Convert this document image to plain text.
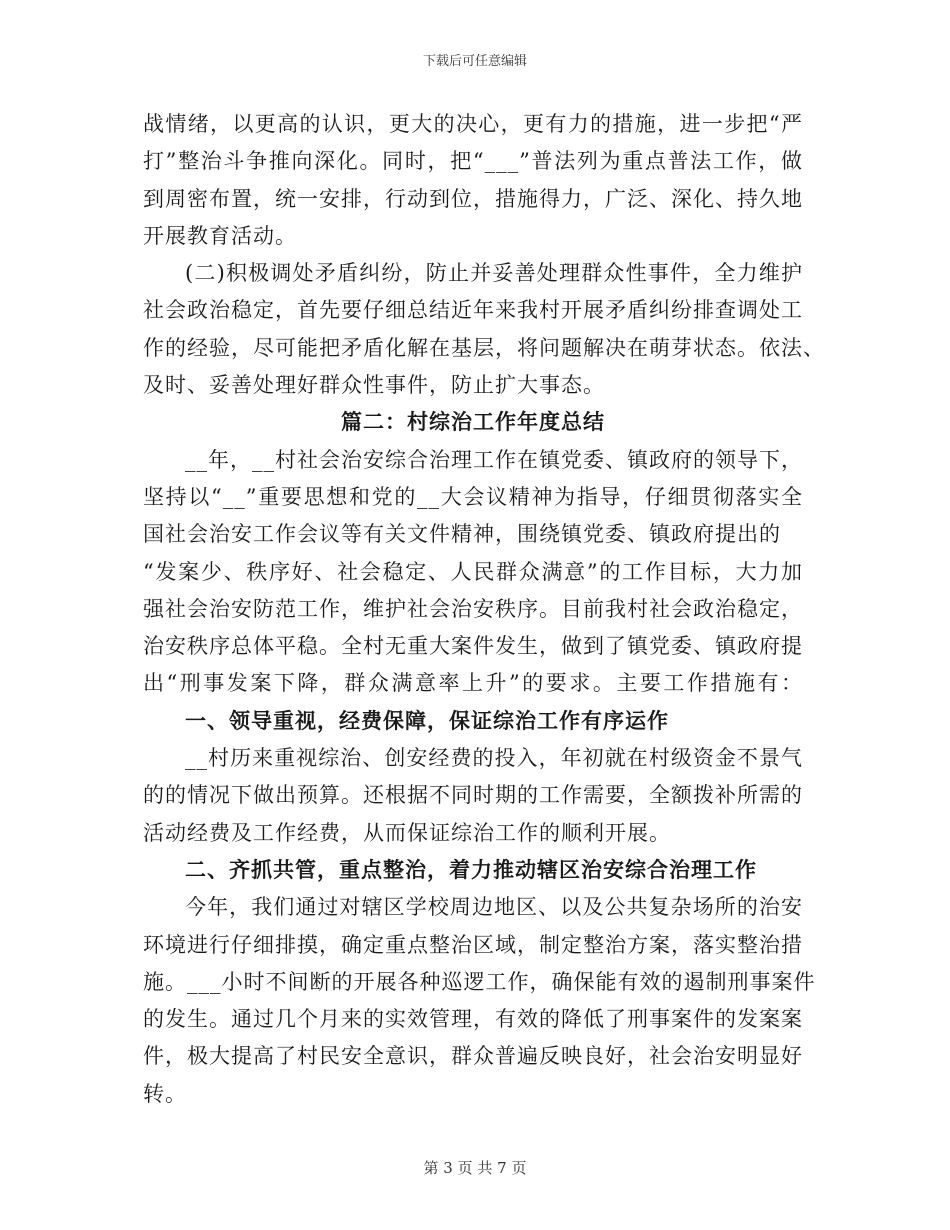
下载后可任意编辑
战情绪，以更高的认识，更大的决心，更有力的措施，进一步把“严
打”整治斗争推向深化。同时，把“___”普法列为重点普法工作，做
到周密布置，统一安排，行动到位，措施得力，广泛、深化、持久地
开展教育活动。
(二)积极调处矛盾纠纷，防止并妥善处理群众性事件，全力维护
社会政治稳定，首先要仔细总结近年来我村开展矛盾纠纷排查调处工
作的经验，尽可能把矛盾化解在基层，将问题解决在萌芽状态。依法、
及时、妥善处理好群众性事件，防止扩大事态。
篇二：村综治工作年度总结
__年，__村社会治安综合治理工作在镇党委、镇政府的领导下，
坚持以“__”重要思想和党的__大会议精神为指导，仔细贯彻落实全
国社会治安工作会议等有关文件精神，围绕镇党委、镇政府提出的
“发案少、秩序好、社会稳定、人民群众满意”的工作目标，大力加
强社会治安防范工作，维护社会治安秩序。目前我村社会政治稳定，
治安秩序总体平稳。全村无重大案件发生，做到了镇党委、镇政府提
出“刑事发案下降，群众满意率上升”的要求。主要工作措施有：
一、领导重视，经费保障，保证综治工作有序运作
__村历来重视综治、创安经费的投入，年初就在村级资金不景气
的的情况下做出预算。还根据不同时期的工作需要，全额拨补所需的
活动经费及工作经费，从而保证综治工作的顺利开展。
二、齐抓共管，重点整治，着力推动辖区治安综合治理工作
今年，我们通过对辖区学校周边地区、以及公共复杂场所的治安
环境进行仔细排摸，确定重点整治区域，制定整治方案，落实整治措
施。___小时不间断的开展各种巡逻工作，确保能有效的遏制刑事案件
的发生。通过几个月来的实效管理，有效的降低了刑事案件的发案案
件，极大提高了村民安全意识，群众普遍反映良好，社会治安明显好
转。
第 3 页 共 7 页
